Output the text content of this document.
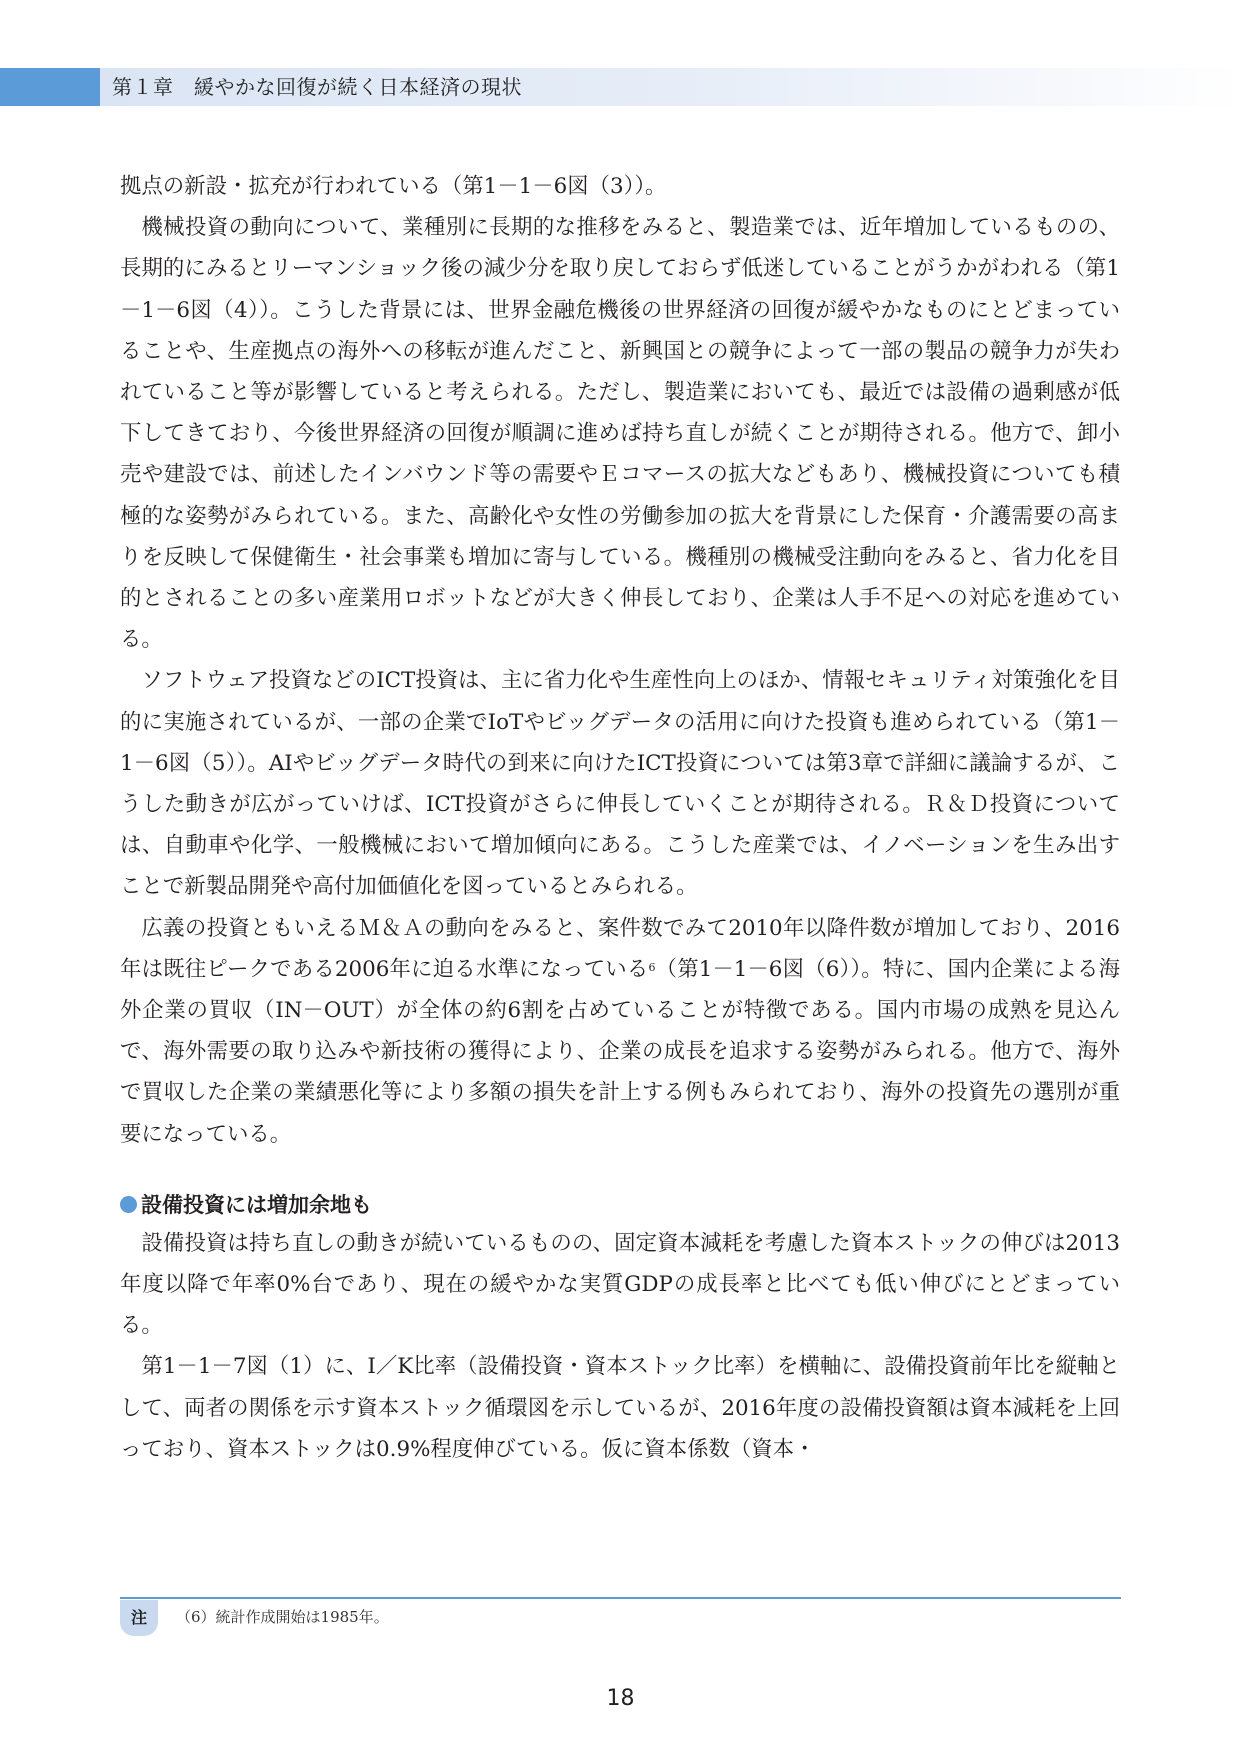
第１章　緩やかな回復が続く日本経済の現状

拠点の新設・拡充が行われている（第1－1－6図（3））。

機械投資の動向について、業種別に長期的な推移をみると、製造業では、近年増加しているものの、長期的にみるとリーマンショック後の減少分を取り戻しておらず低迷していることがうかがわれる（第1－1－6図（4））。こうした背景には、世界金融危機後の世界経済の回復が緩やかなものにとどまっていることや、生産拠点の海外への移転が進んだこと、新興国との競争によって一部の製品の競争力が失われていること等が影響していると考えられる。ただし、製造業においても、最近では設備の過剰感が低下してきており、今後世界経済の回復が順調に進めば持ち直しが続くことが期待される。他方で、卸小売や建設では、前述したインバウンド等の需要やＥコマースの拡大などもあり、機械投資についても積極的な姿勢がみられている。また、高齢化や女性の労働参加の拡大を背景にした保育・介護需要の高まりを反映して保健衛生・社会事業も増加に寄与している。機種別の機械受注動向をみると、省力化を目的とされることの多い産業用ロボットなどが大きく伸長しており、企業は人手不足への対応を進めている。

ソフトウェア投資などのICT投資は、主に省力化や生産性向上のほか、情報セキュリティ対策強化を目的に実施されているが、一部の企業でIoTやビッグデータの活用に向けた投資も進められている（第1－1－6図（5））。AIやビッグデータ時代の到来に向けたICT投資については第3章で詳細に議論するが、こうした動きが広がっていけば、ICT投資がさらに伸長していくことが期待される。Ｒ＆Ｄ投資については、自動車や化学、一般機械において増加傾向にある。こうした産業では、イノベーションを生み出すことで新製品開発や高付加価値化を図っているとみられる。

広義の投資ともいえるＭ＆Ａの動向をみると、案件数でみて2010年以降件数が増加しており、2016年は既往ピークである2006年に迫る水準になっている$^6$（第1－1－6図（6））。特に、国内企業による海外企業の買収（IN－OUT）が全体の約6割を占めていることが特徴である。国内市場の成熟を見込んで、海外需要の取り込みや新技術の獲得により、企業の成長を追求する姿勢がみられる。他方で、海外で買収した企業の業績悪化等により多額の損失を計上する例もみられており、海外の投資先の選別が重要になっている。

設備投資には増加余地も

設備投資は持ち直しの動きが続いているものの、固定資本減耗を考慮した資本ストックの伸びは2013年度以降で年率0%台であり、現在の緩やかな実質GDPの成長率と比べても低い伸びにとどまっている。

第1－1－7図（1）に、I／K比率（設備投資・資本ストック比率）を横軸に、設備投資前年比を縦軸として、両者の関係を示す資本ストック循環図を示しているが、2016年度の設備投資額は資本減耗を上回っており、資本ストックは0.9%程度伸びている。仮に資本係数（資本・

注	（6）統計作成開始は1985年。
18
